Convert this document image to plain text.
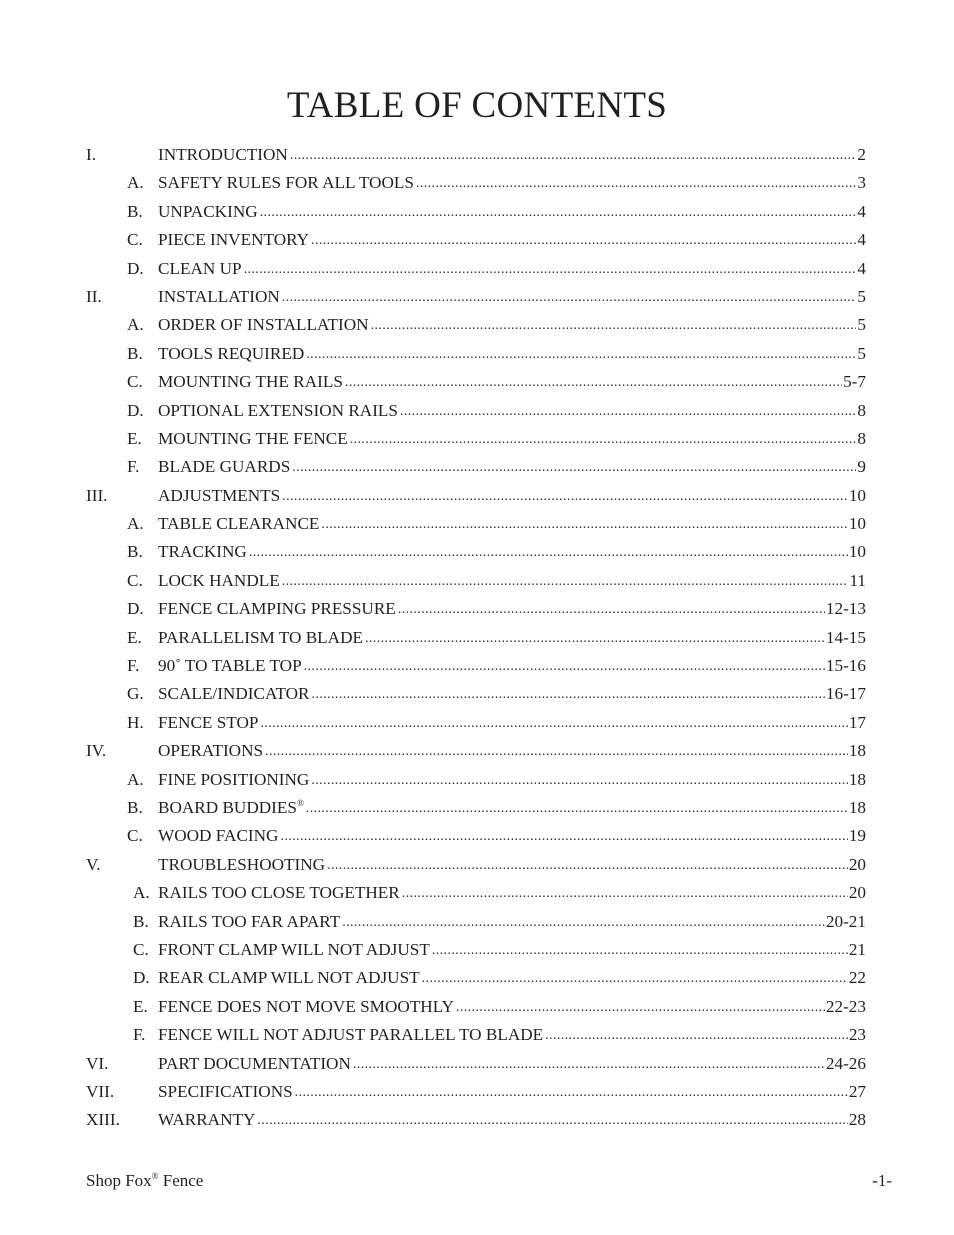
TABLE OF CONTENTS
I.	INTRODUCTION .....	2
A. SAFETY RULES FOR ALL TOOLS .....	3
B. UNPACKING .....	4
C. PIECE INVENTORY .....	4
D. CLEAN UP .....	4
II.	INSTALLATION .....	5
A. ORDER OF INSTALLATION .....	5
B. TOOLS REQUIRED .....	5
C. MOUNTING THE RAILS .....	5-7
D. OPTIONAL EXTENSION RAILS .....	8
E. MOUNTING THE FENCE .....	8
F. BLADE GUARDS .....	9
III.	ADJUSTMENTS .....	10
A. TABLE CLEARANCE .....	10
B. TRACKING .....	10
C. LOCK HANDLE .....	11
D. FENCE CLAMPING PRESSURE .....	12-13
E. PARALLELISM TO BLADE .....	14-15
F. 90˚ TO TABLE TOP .....	15-16
G. SCALE/INDICATOR .....	16-17
H. FENCE STOP .....	17
IV.	OPERATIONS .....	18
A. FINE POSITIONING .....	18
B. BOARD BUDDIES® .....	18
C. WOOD FACING .....	19
V.	TROUBLESHOOTING .....	20
A. RAILS TOO CLOSE TOGETHER .....	20
B. RAILS TOO FAR APART .....	20-21
C. FRONT CLAMP WILL NOT ADJUST .....	21
D. REAR CLAMP WILL NOT ADJUST .....	22
E. FENCE DOES NOT MOVE SMOOTHLY .....	22-23
F. FENCE WILL NOT ADJUST PARALLEL TO BLADE .....	23
VI.	PART DOCUMENTATION .....	24-26
VII.	SPECIFICATIONS .....	27
XIII. WARRANTY .....	28
Shop Fox® Fence	-1-
